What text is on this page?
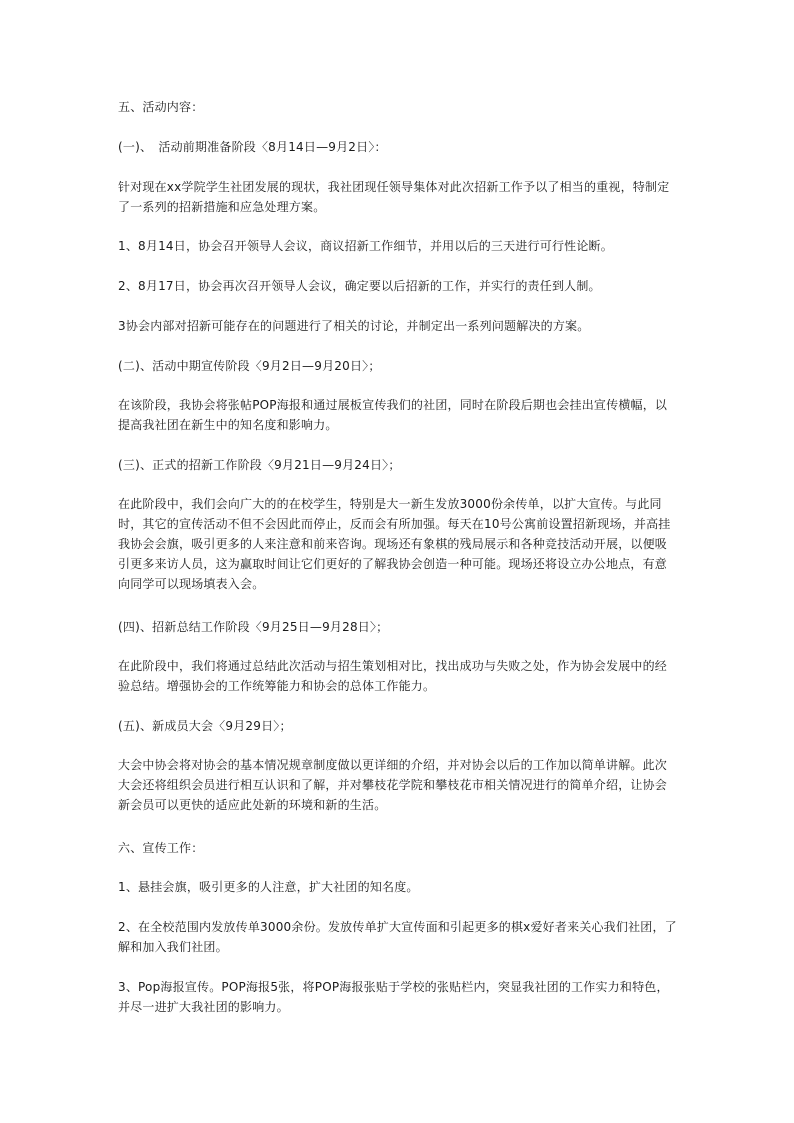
五、活动内容：

(一)、　活动前期准备阶段〈8月14日—9月2日〉：

针对现在xx学院学生社团发展的现状，我社团现任领导集体对此次招新工作予以了相当的重视，特制定了一系列的招新措施和应急处理方案。

1、8月14日，协会召开领导人会议，商议招新工作细节，并用以后的三天进行可行性论断。

2、8月17日，协会再次召开领导人会议，确定要以后招新的工作，并实行的责任到人制。

3协会内部对招新可能存在的问题进行了相关的讨论，并制定出一系列问题解决的方案。

(二)、活动中期宣传阶段〈9月2日—9月20日〉；

在该阶段，我协会将张帖POP海报和通过展板宣传我们的社团，同时在阶段后期也会挂出宣传横幅，以提高我社团在新生中的知名度和影响力。

(三)、正式的招新工作阶段〈9月21日—9月24日〉；

在此阶段中，我们会向广大的的在校学生，特别是大一新生发放3000份余传单，以扩大宣传。与此同时，其它的宣传活动不但不会因此而停止，反而会有所加强。每天在10号公寓前设置招新现场，并高挂我协会会旗，吸引更多的人来注意和前来咨询。现场还有象棋的残局展示和各种竞技活动开展，以便吸引更多来访人员，这为赢取时间让它们更好的了解我协会创造一种可能。现场还将设立办公地点，有意向同学可以现场填表入会。

(四)、招新总结工作阶段〈9月25日—9月28日〉；

在此阶段中，我们将通过总结此次活动与招生策划相对比，找出成功与失败之处，作为协会发展中的经验总结。增强协会的工作统筹能力和协会的总体工作能力。

(五)、新成员大会〈9月29日〉；

大会中协会将对协会的基本情况规章制度做以更详细的介绍，并对协会以后的工作加以简单讲解。此次大会还将组织会员进行相互认识和了解，并对攀枝花学院和攀枝花市相关情况进行的简单介绍，让协会新会员可以更快的适应此处新的环境和新的生活。

六、宣传工作：

1、悬挂会旗，吸引更多的人注意，扩大社团的知名度。

2、在全校范围内发放传单3000余份。发放传单扩大宣传面和引起更多的棋x爱好者来关心我们社团，了解和加入我们社团。

3、Pop海报宣传。POP海报5张，将POP海报张贴于学校的张贴栏内，突显我社团的工作实力和特色，并尽一进扩大我社团的影响力。
